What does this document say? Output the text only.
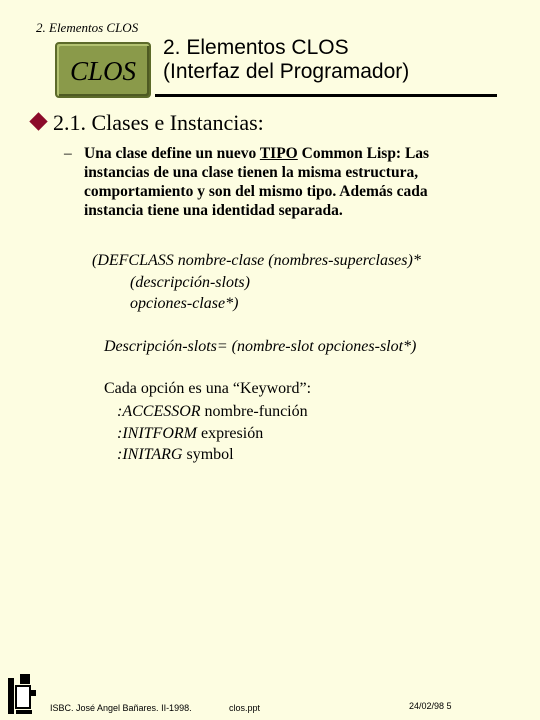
2. Elementos CLOS
CLOS
2. Elementos CLOS
(Interfaz del Programador)
2.1. Clases e Instancias:
– Una clase define un nuevo TIPO Common Lisp: Las instancias de una clase tienen la misma estructura, comportamiento y son del mismo tipo. Además cada instancia tiene una identidad separada.
(DEFCLASS nombre-clase (nombres-superclases)*
(descripción-slots)
opciones-clase*)
Descripción-slots= (nombre-slot opciones-slot*)
Cada opción es una “Keyword”:
:ACCESSOR nombre-función
:INITFORM expresión
:INITARG symbol
ISBC. José Angel Bañares. II-1998.	clos.ppt	24/02/98 5
